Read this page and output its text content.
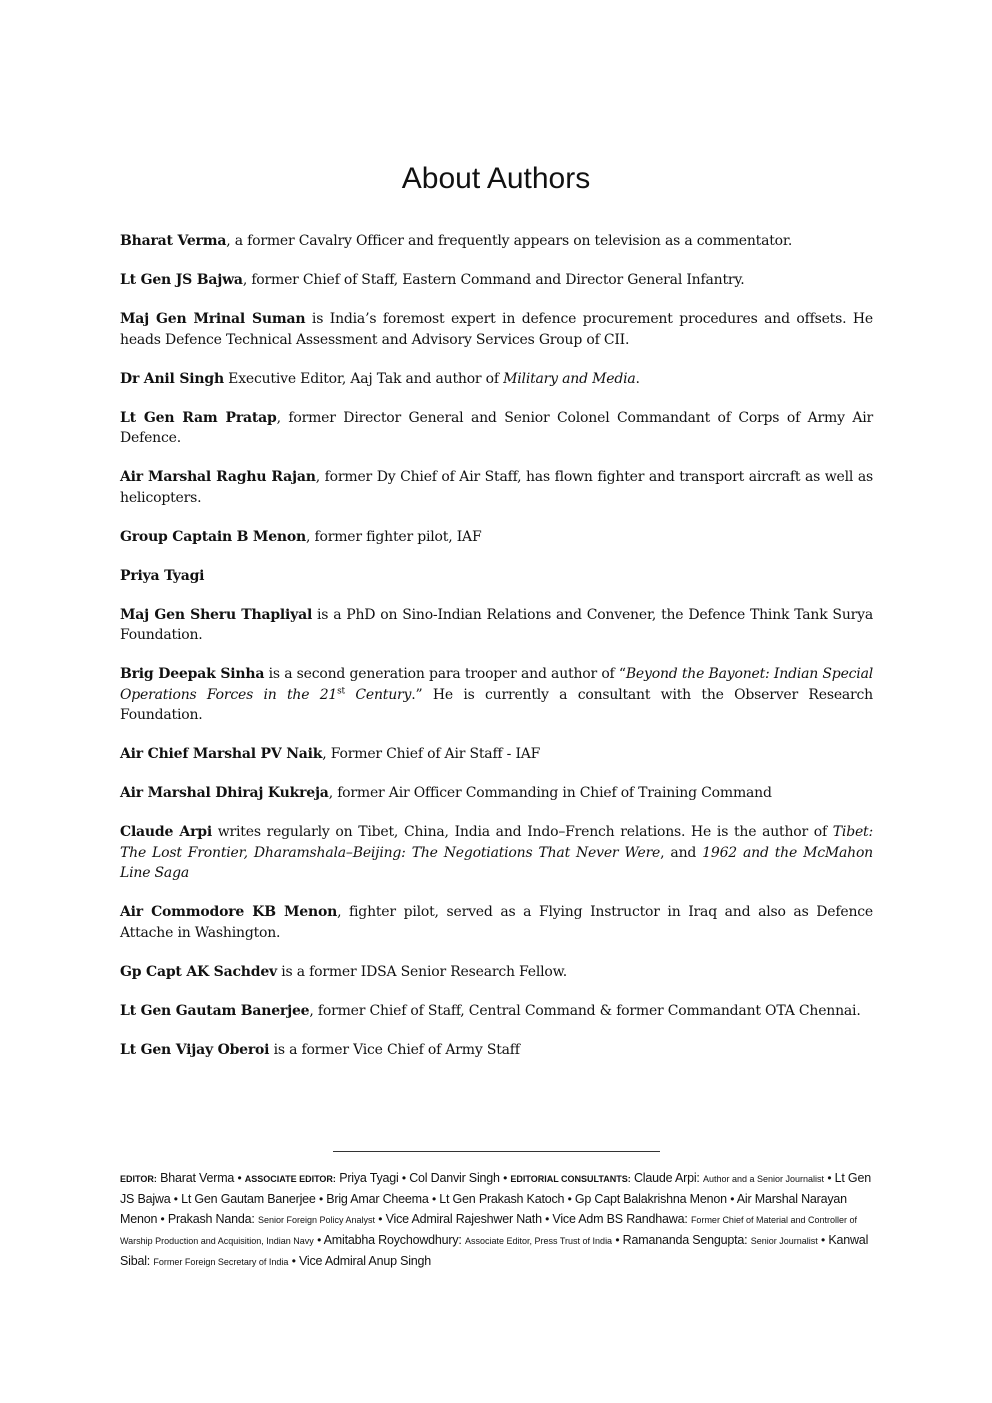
About Authors

Bharat Verma, a former Cavalry Officer and frequently appears on television as a commentator.

Lt Gen JS Bajwa, former Chief of Staff, Eastern Command and Director General Infantry.

Maj Gen Mrinal Suman is India’s foremost expert in defence procurement procedures and offsets. He heads Defence Technical Assessment and Advisory Services Group of CII.

Dr Anil Singh Executive Editor, Aaj Tak and author of Military and Media.

Lt Gen Ram Pratap, former Director General and Senior Colonel Commandant of Corps of Army Air Defence.

Air Marshal Raghu Rajan, former Dy Chief of Air Staff, has flown fighter and transport aircraft as well as helicopters.

Group Captain B Menon, former fighter pilot, IAF

Priya Tyagi

Maj Gen Sheru Thapliyal is a PhD on Sino-Indian Relations and Convener, the Defence Think Tank Surya Foundation.

Brig Deepak Sinha is a second generation para trooper and author of “Beyond the Bayonet: Indian Special Operations Forces in the 21st Century.” He is currently a consultant with the Observer Research Foundation.

Air Chief Marshal PV Naik, Former Chief of Air Staff - IAF

Air Marshal Dhiraj Kukreja, former Air Officer Commanding in Chief of Training Command

Claude Arpi writes regularly on Tibet, China, India and Indo–French relations. He is the author of Tibet: The Lost Frontier, Dharamshala–Beijing: The Negotiations That Never Were, and 1962 and the McMahon Line Saga

Air Commodore KB Menon, fighter pilot, served as a Flying Instructor in Iraq and also as Defence Attache in Washington.

Gp Capt AK Sachdev is a former IDSA Senior Research Fellow.

Lt Gen Gautam Banerjee, former Chief of Staff, Central Command & former Commandant OTA Chennai.

Lt Gen Vijay Oberoi is a former Vice Chief of Army Staff

EDITOR: Bharat Verma • ASSOCIATE EDITOR: Priya Tyagi • Col Danvir Singh • EDITORIAL CONSULTANTS: Claude Arpi: Author and a Senior Journalist • Lt Gen JS Bajwa • Lt Gen Gautam Banerjee • Brig Amar Cheema • Lt Gen Prakash Katoch • Gp Capt Balakrishna Menon • Air Marshal Narayan Menon • Prakash Nanda: Senior Foreign Policy Analyst • Vice Admiral Rajeshwer Nath • Vice Adm BS Randhawa: Former Chief of Material and Controller of Warship Production and Acquisition, Indian Navy • Amitabha Roychowdhury: Associate Editor, Press Trust of India • Ramananda Sengupta: Senior Journalist • Kanwal Sibal: Former Foreign Secretary of India • Vice Admiral Anup Singh
